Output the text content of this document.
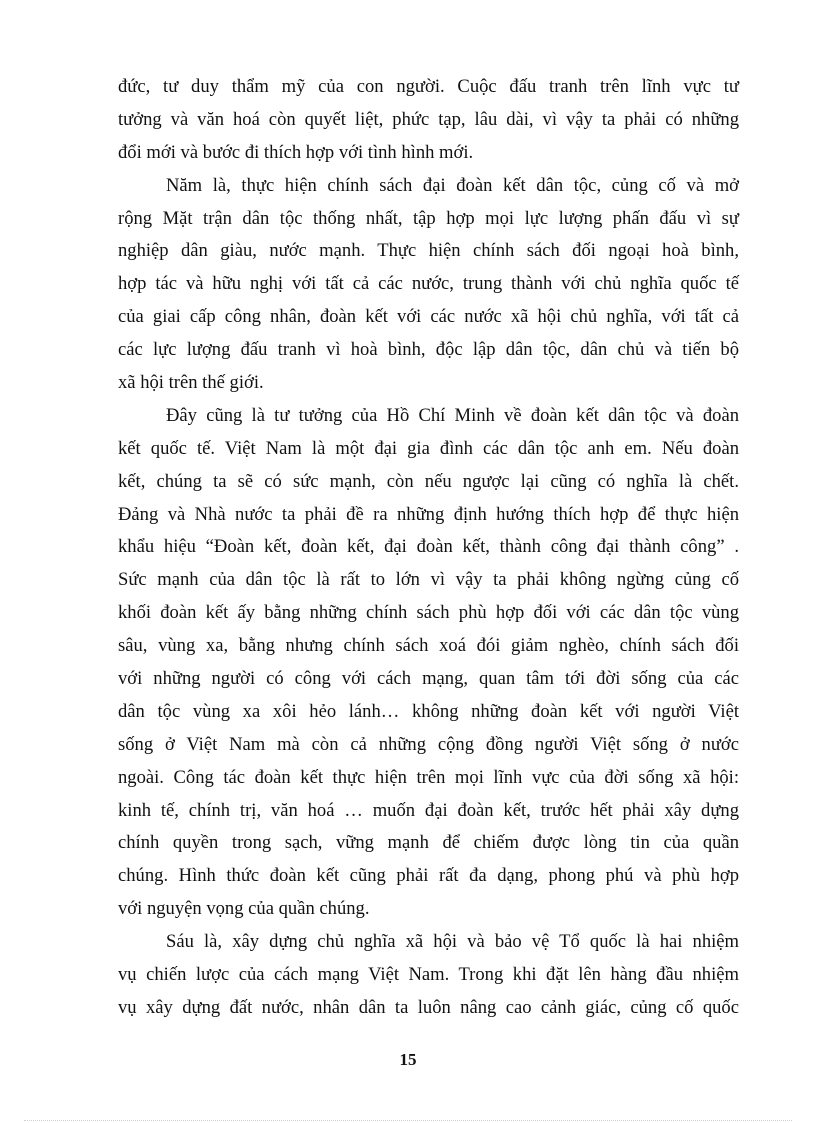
đức, tư duy thẩm mỹ của con người. Cuộc đấu tranh trên lĩnh vực tư
tưởng và văn hoá còn quyết liệt, phức tạp, lâu dài, vì vậy ta phải có những
đổi mới và bước đi thích hợp với tình hình mới.
Năm là, thực hiện chính sách đại đoàn kết dân tộc, củng cố và mở
rộng Mặt trận dân tộc thống nhất, tập hợp mọi lực lượng phấn đấu vì sự
nghiệp dân giàu, nước mạnh. Thực hiện chính sách đối ngoại hoà bình,
hợp tác và hữu nghị với tất cả các nước, trung thành với chủ nghĩa quốc tế
của giai cấp công nhân, đoàn kết với các nước xã hội chủ nghĩa, với tất cả
các lực lượng đấu tranh vì hoà bình, độc lập dân tộc, dân chủ và tiến bộ
xã hội trên thế giới.
Đây cũng là tư tưởng của Hồ Chí Minh về đoàn kết dân tộc và đoàn
kết quốc tế. Việt Nam là một đại gia đình các dân tộc anh em. Nếu đoàn
kết, chúng ta sẽ có sức mạnh, còn nếu ngược lại cũng có nghĩa là chết.
Đảng và Nhà nước ta phải đề ra những định hướng thích hợp để thực hiện
khẩu hiệu “Đoàn kết, đoàn kết, đại đoàn kết, thành công đại thành công” .
Sức mạnh của dân tộc là rất to lớn vì vậy ta phải không ngừng củng cố
khối đoàn kết ấy bằng những chính sách phù hợp đối với các dân tộc vùng
sâu, vùng xa, bằng nhưng chính sách xoá đói giảm nghèo, chính sách đối
với những người có công với cách mạng, quan tâm tới đời sống của các
dân tộc vùng xa xôi hẻo lánh… không những đoàn kết với người Việt
sống ở Việt Nam mà còn cả những cộng đồng người Việt sống ở nước
ngoài. Công tác đoàn kết thực hiện trên mọi lĩnh vực của đời sống xã hội:
kinh tế, chính trị, văn hoá … muốn đại đoàn kết, trước hết phải xây dựng
chính quyền trong sạch, vững mạnh để chiếm được lòng tin của quần
chúng. Hình thức đoàn kết cũng phải rất đa dạng, phong phú và phù hợp
với nguyện vọng của quần chúng.
Sáu là, xây dựng chủ nghĩa xã hội và bảo vệ Tổ quốc là hai nhiệm
vụ chiến lược của cách mạng Việt Nam. Trong khi đặt lên hàng đầu nhiệm
vụ xây dựng đất nước, nhân dân ta luôn nâng cao cảnh giác, củng cố quốc
15
